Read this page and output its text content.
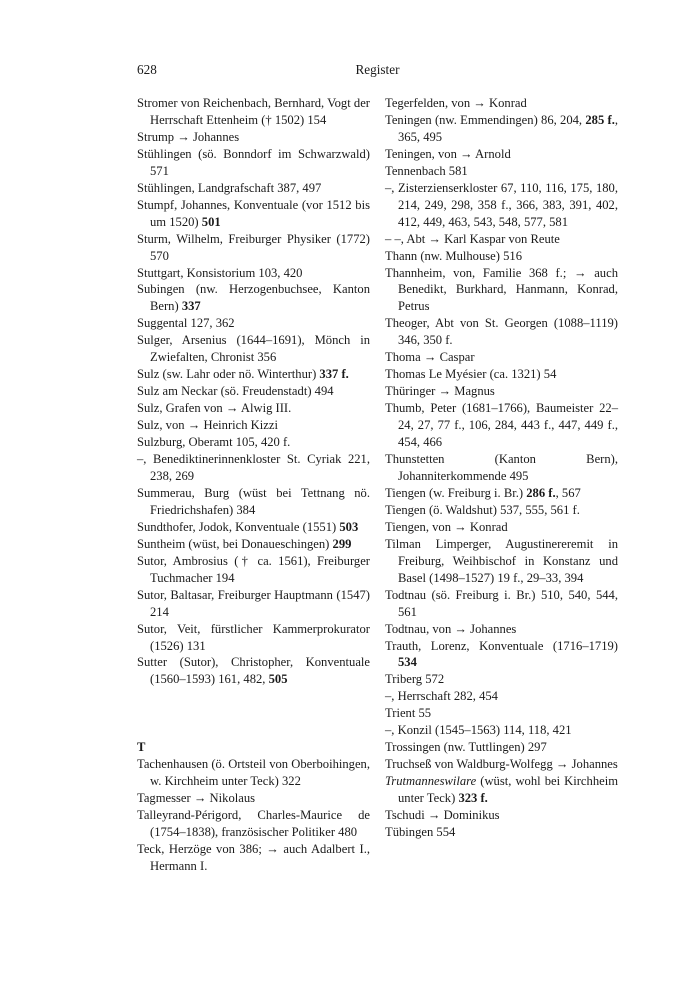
628	Register

Stromer von Reichenbach, Bernhard, Vogt der Herrschaft Ettenheim († 1502) 154

Strump → Johannes

Stühlingen (sö. Bonndorf im Schwarzwald) 571

Stühlingen, Landgrafschaft 387, 497

Stumpf, Johannes, Konventuale (vor 1512 bis um 1520) 501

Sturm, Wilhelm, Freiburger Physiker (1772) 570

Stuttgart, Konsistorium 103, 420

Subingen (nw. Herzogenbuchsee, Kanton Bern) 337

Suggental 127, 362

Sulger, Arsenius (1644–1691), Mönch in Zwiefalten, Chronist 356

Sulz (sw. Lahr oder nö. Winterthur) 337 f.

Sulz am Neckar (sö. Freudenstadt) 494

Sulz, Grafen von → Alwig III.

Sulz, von → Heinrich Kizzi

Sulzburg, Oberamt 105, 420 f.

–, Benediktinerinnenkloster St. Cyriak 221, 238, 269

Summerau, Burg (wüst bei Tettnang nö. Friedrichshafen) 384

Sundthofer, Jodok, Konventuale (1551) 503

Suntheim (wüst, bei Donaueschingen) 299

Sutor, Ambrosius († ca. 1561), Freiburger Tuchmacher 194

Sutor, Baltasar, Freiburger Hauptmann (1547) 214

Sutor, Veit, fürstlicher Kammerprokurator (1526) 131

Sutter (Sutor), Christopher, Konventuale (1560–1593) 161, 482, 505

T

Tachenhausen (ö. Ortsteil von Oberboihingen, w. Kirchheim unter Teck) 322

Tagmesser → Nikolaus

Talleyrand-Périgord, Charles-Maurice de (1754–1838), französischer Politiker 480

Teck, Herzöge von 386; → auch Adalbert I., Hermann I.

Tegerfelden, von → Konrad

Teningen (nw. Emmendingen) 86, 204, 285 f., 365, 495

Teningen, von → Arnold

Tennenbach 581

–, Zisterzienserkloster 67, 110, 116, 175, 180, 214, 249, 298, 358 f., 366, 383, 391, 402, 412, 449, 463, 543, 548, 577, 581

– –, Abt → Karl Kaspar von Reute

Thann (nw. Mulhouse) 516

Thannheim, von, Familie 368 f.; → auch Benedikt, Burkhard, Hanmann, Konrad, Petrus

Theoger, Abt von St. Georgen (1088–1119) 346, 350 f.

Thoma → Caspar

Thomas Le Myésier (ca. 1321) 54

Thüringer → Magnus

Thumb, Peter (1681–1766), Baumeister 22–24, 27, 77 f., 106, 284, 443 f., 447, 449 f., 454, 466

Thunstetten (Kanton Bern), Johanniterkommende 495

Tiengen (w. Freiburg i. Br.) 286 f., 567

Tiengen (ö. Waldshut) 537, 555, 561 f.

Tiengen, von → Konrad

Tilman Limperger, Augustinereremit in Freiburg, Weihbischof in Konstanz und Basel (1498–1527) 19 f., 29–33, 394

Todtnau (sö. Freiburg i. Br.) 510, 540, 544, 561

Todtnau, von → Johannes

Trauth, Lorenz, Konventuale (1716–1719) 534

Triberg 572

–, Herrschaft 282, 454

Trient 55

–, Konzil (1545–1563) 114, 118, 421

Trossingen (nw. Tuttlingen) 297

Truchseß von Waldburg-Wolfegg → Johannes

Trutmanneswilare (wüst, wohl bei Kirchheim unter Teck) 323 f.

Tschudi → Dominikus

Tübingen 554
